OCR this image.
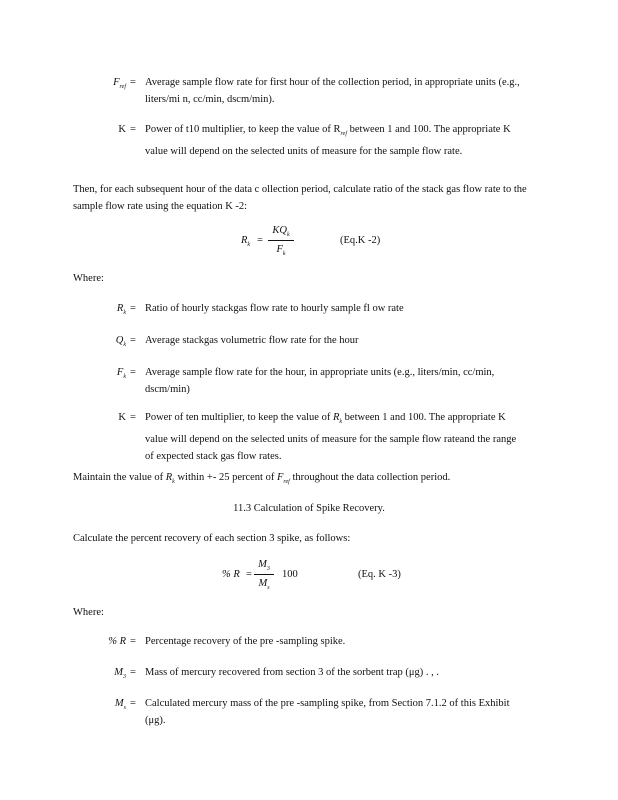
$F_{ref}$ = Average sample flow rate for first hour of the collection period, in appropriate units (e.g., liters/mi n, cc/min, dscm/min).
K = Power of t10 multiplier, to keep the value of $R_{ref}$ between 1 and 100. The appropriate K value will depend on the selected units of measure for the sample flow rate.
Then, for each subsequent hour of the data c ollection period, calculate ratio of the stack gas flow rate to the sample flow rate using the equation K -2:
$R_k$ =
$KQ_k$
$F_k$
(Eq.K -2)
Where:
$R_k$ = Ratio of hourly stackgas flow rate to hourly sample fl ow rate
$Q_k$ = Average stackgas volumetric flow rate for the hour
$F_k$ = Average sample flow rate for the hour, in appropriate units (e.g., liters/min, cc/min, dscm/min)
K = Power of ten multiplier, to keep the value of $R_k$ between 1 and 100. The appropriate K value will depend on the selected units of measure for the sample flow rateand the range of expected stack gas flow rates.
Maintain the value of $R_k$ within +- 25 percent of $F_{ref}$ throughout the data collection period.
11.3 Calculation of Spike Recovery.
Calculate the percent recovery of each section 3 spike, as follows:
% R =
$M_3$
$M_s$
100	(Eq. K -3)
Where:
% R = Percentage recovery of the pre -sampling spike.
$M_3$ = Mass of mercury recovered from section 3 of the sorbent trap (μg) . , .
$M_s$ = Calculated mercury mass of the pre -sampling spike, from Section 7.1.2 of this Exhibit (μg).
